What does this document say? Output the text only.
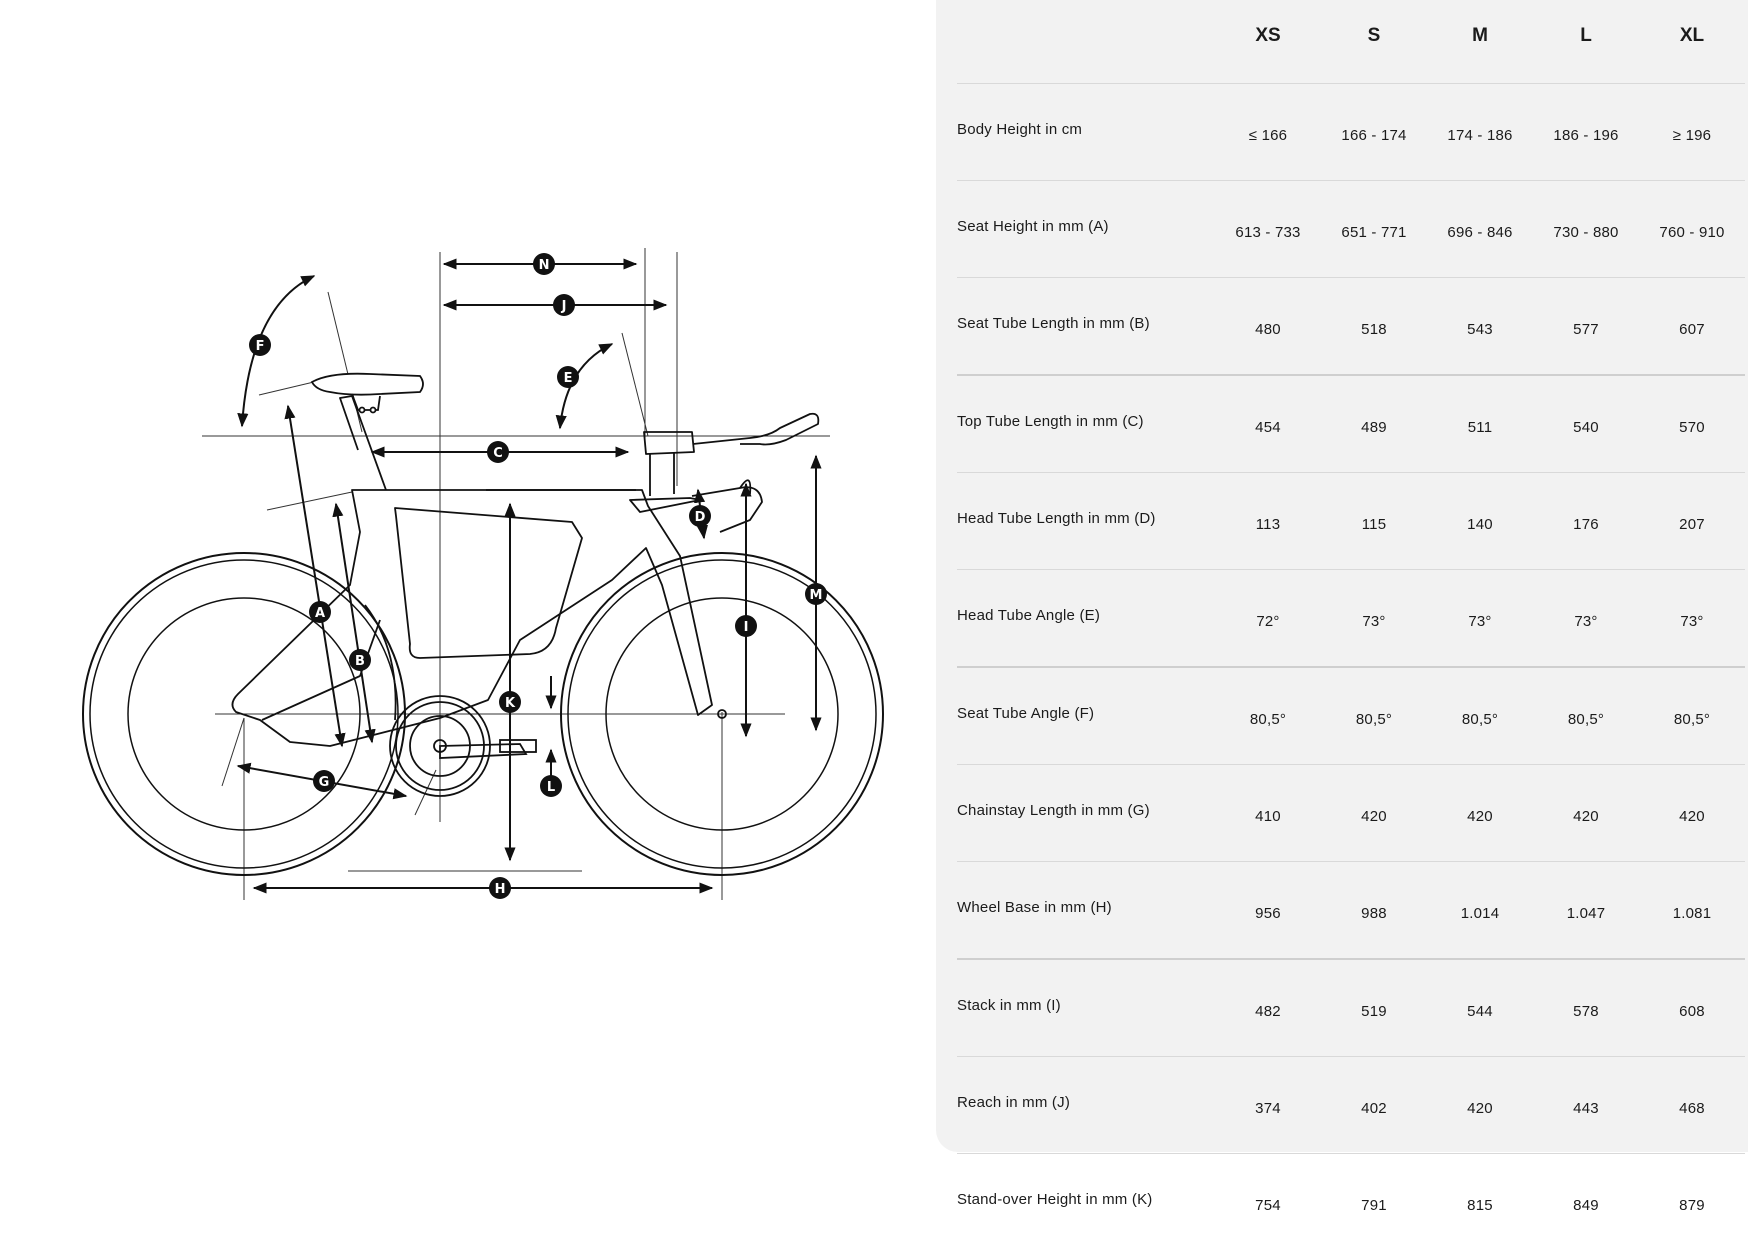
A
B
C
D
E
F
G
H
I
J
K
L
M
N
	XS	S	M	L	XL
Body Height in cm	≤ 166	166 - 174	174 - 186	186 - 196	≥ 196
Seat Height in mm (A)	613 - 733	651 - 771	696 - 846	730 - 880	760 - 910
Seat Tube Length in mm (B)	480	518	543	577	607
Top Tube Length in mm (C)	454	489	511	540	570
Head Tube Length in mm (D)	113	115	140	176	207
Head Tube Angle (E)	72°	73°	73°	73°	73°
Seat Tube Angle (F)	80,5°	80,5°	80,5°	80,5°	80,5°
Chainstay Length in mm (G)	410	420	420	420	420
Wheel Base in mm (H)	956	988	1.014	1.047	1.081
Stack in mm (I)	482	519	544	578	608
Reach in mm (J)	374	402	420	443	468
Stand-over Height in mm (K)	754	791	815	849	879
